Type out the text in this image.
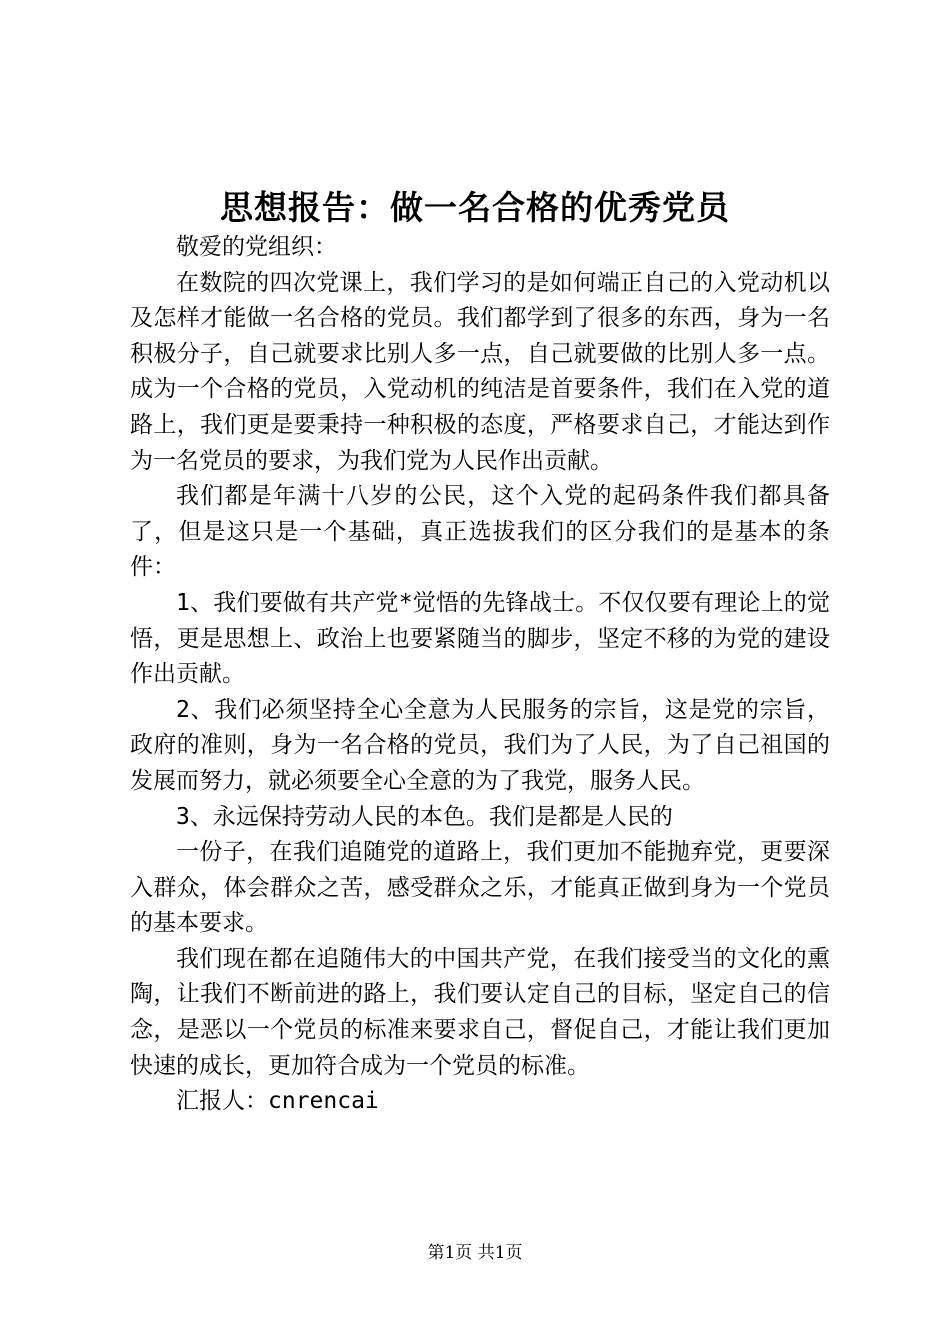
思想报告：做一名合格的优秀党员

敬爱的党组织：

在数院的四次党课上，我们学习的是如何端正自己的入党动机以及怎样才能做一名合格的党员。我们都学到了很多的东西，身为一名积极分子，自己就要求比别人多一点，自己就要做的比别人多一点。成为一个合格的党员，入党动机的纯洁是首要条件，我们在入党的道路上，我们更是要秉持一种积极的态度，严格要求自己，才能达到作为一名党员的要求，为我们党为人民作出贡献。

我们都是年满十八岁的公民，这个入党的起码条件我们都具备了，但是这只是一个基础，真正选拔我们的区分我们的是基本的条件：

1、我们要做有共产党*觉悟的先锋战士。不仅仅要有理论上的觉悟，更是思想上、政治上也要紧随当的脚步，坚定不移的为党的建设作出贡献。

2、我们必须坚持全心全意为人民服务的宗旨，这是党的宗旨，政府的准则，身为一名合格的党员，我们为了人民，为了自己祖国的发展而努力，就必须要全心全意的为了我党，服务人民。

3、永远保持劳动人民的本色。我们是都是人民的

一份子，在我们追随党的道路上，我们更加不能抛弃党，更要深入群众，体会群众之苦，感受群众之乐，才能真正做到身为一个党员的基本要求。

我们现在都在追随伟大的中国共产党，在我们接受当的文化的熏陶，让我们不断前进的路上，我们要认定自己的目标，坚定自己的信念，是恶以一个党员的标准来要求自己，督促自己，才能让我们更加快速的成长，更加符合成为一个党员的标准。

汇报人：cnrencai

第1页 共1页
